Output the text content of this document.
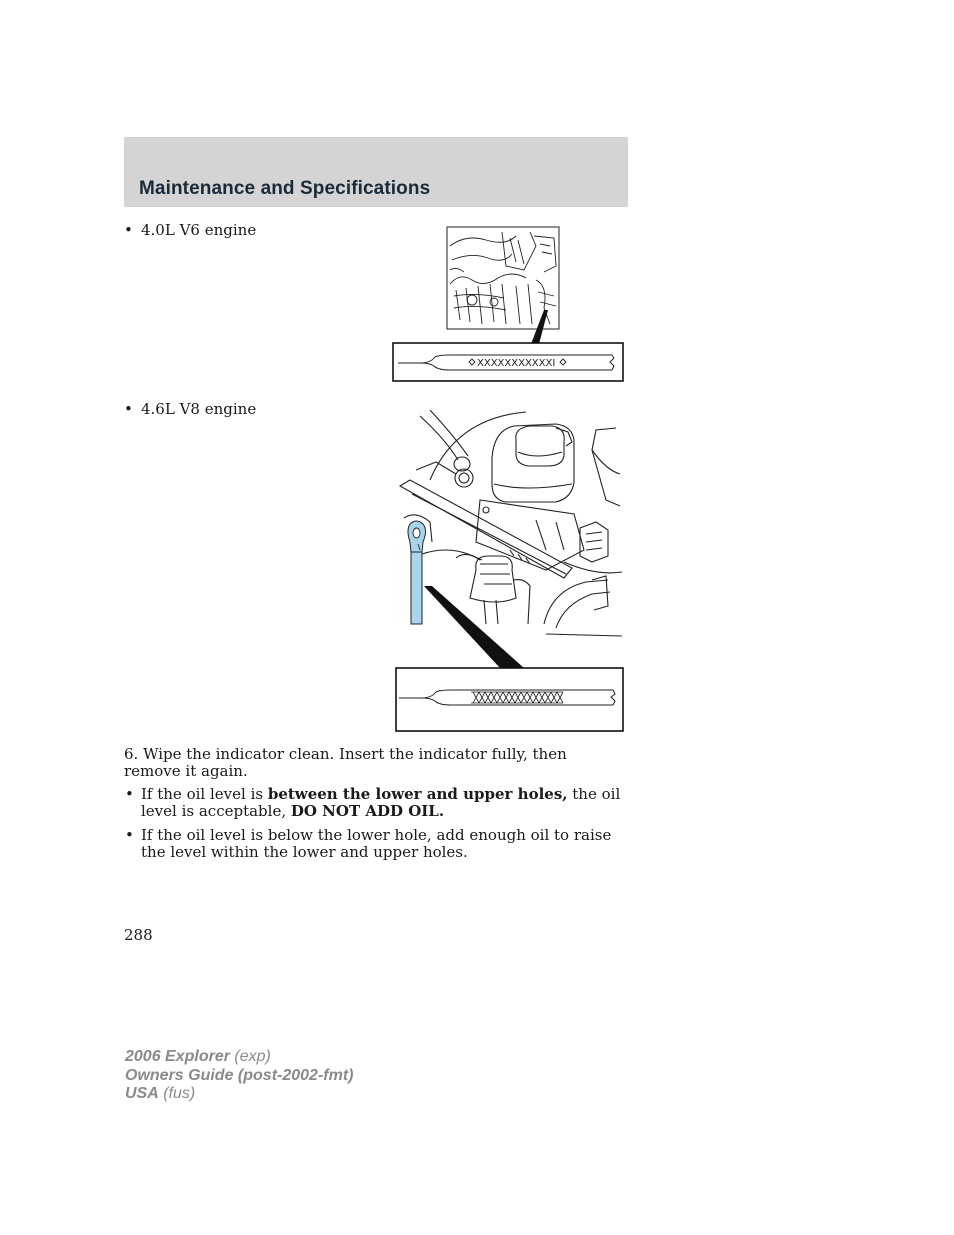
Maintenance and Specifications
• 4.0L V6 engine
XXXXXXXXXXXI
• 4.6L V8 engine

6. Wipe the indicator clean. Insert the indicator fully, then remove it again.

• If the oil level is between the lower and upper holes, the oil level is acceptable, DO NOT ADD OIL.

• If the oil level is below the lower hole, add enough oil to raise the level within the lower and upper holes.

288
2006 Explorer (exp)
Owners Guide (post-2002-fmt)
USA (fus)
